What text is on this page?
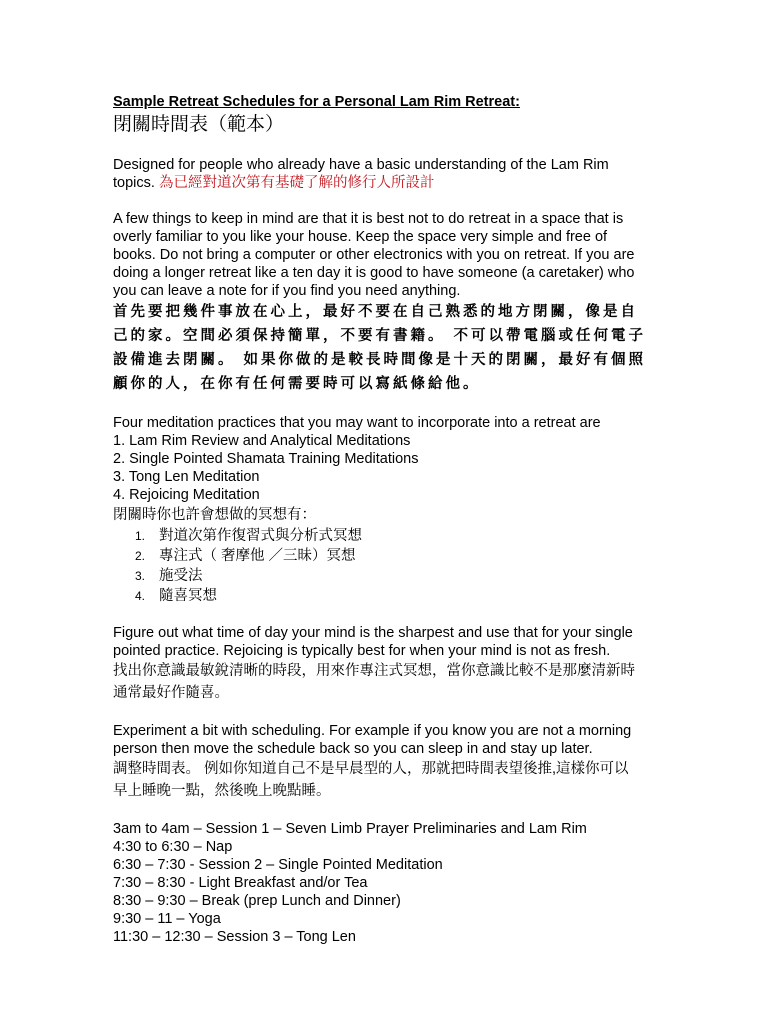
Sample Retreat Schedules for a Personal Lam Rim Retreat:
閉關時間表（範本）
Designed for people who already have a basic understanding of the Lam Rim
topics. 為已經對道次第有基礎了解的修行人所設計
A few things to keep in mind are that it is best not to do retreat in a space that is
overly familiar to you like your house. Keep the space very simple and free of
books. Do not bring a computer or other electronics with you on retreat. If you are
doing a longer retreat like a ten day it is good to have someone (a caretaker) who
you can leave a note for if you find you need anything.
首先要把幾件事放在心上，最好不要在自己熟悉的地方閉關，像是自
己的家。空間必須保持簡單，不要有書籍。 不可以帶電腦或任何電子
設備進去閉關。 如果你做的是較長時間像是十天的閉關，最好有個照
顧你的人，在你有任何需要時可以寫紙條給他。
Four meditation practices that you may want to incorporate into a retreat are
1. Lam Rim Review and Analytical Meditations
2. Single Pointed Shamata Training Meditations
3. Tong Len Meditation
4. Rejoicing Meditation
閉關時你也許會想做的冥想有：
1. 對道次第作復習式與分析式冥想
2. 專注式（ 奢摩他 ／三昧）冥想
3. 施受法
4. 隨喜冥想
Figure out what time of day your mind is the sharpest and use that for your single
pointed practice. Rejoicing is typically best for when your mind is not as fresh.
找出你意識最敏銳清晰的時段，用來作專注式冥想，當你意識比較不是那麼清新時
通常最好作隨喜。
Experiment a bit with scheduling. For example if you know you are not a morning
person then move the schedule back so you can sleep in and stay up later.
調整時間表。 例如你知道自己不是早晨型的人，那就把時間表望後推,這樣你可以
早上睡晚一點，然後晚上晚點睡。
3am to 4am – Session 1 – Seven Limb Prayer Preliminaries and Lam Rim
4:30 to 6:30 – Nap
6:30 – 7:30 - Session 2 – Single Pointed Meditation
7:30 – 8:30 - Light Breakfast and/or Tea
8:30 – 9:30 – Break (prep Lunch and Dinner)
9:30 – 11 – Yoga
11:30 – 12:30 – Session 3 – Tong Len
